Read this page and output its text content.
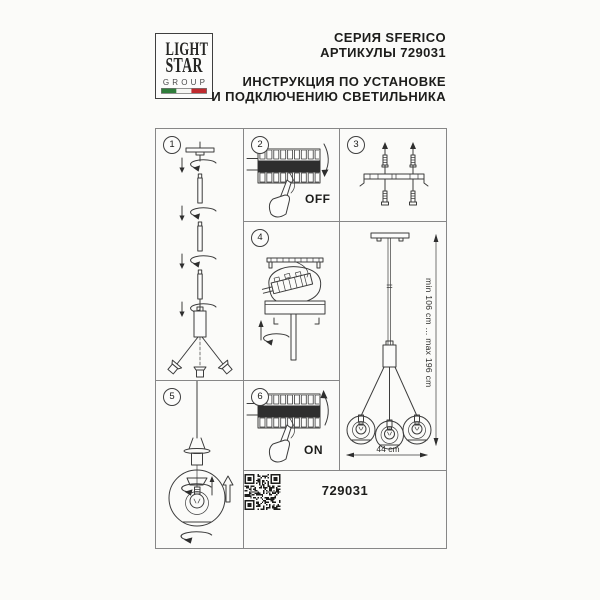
LIGHT
STAR
GROUP
СЕРИЯ SFERICO
АРТИКУЛЫ 729031
ИНСТРУКЦИЯ ПО УСТАНОВКЕ
И ПОДКЛЮЧЕНИЮ СВЕТИЛЬНИКА
1
5
2
OFF
4
6
ON
3
min 106 cm ... max 196 cm
44 cm
729031
